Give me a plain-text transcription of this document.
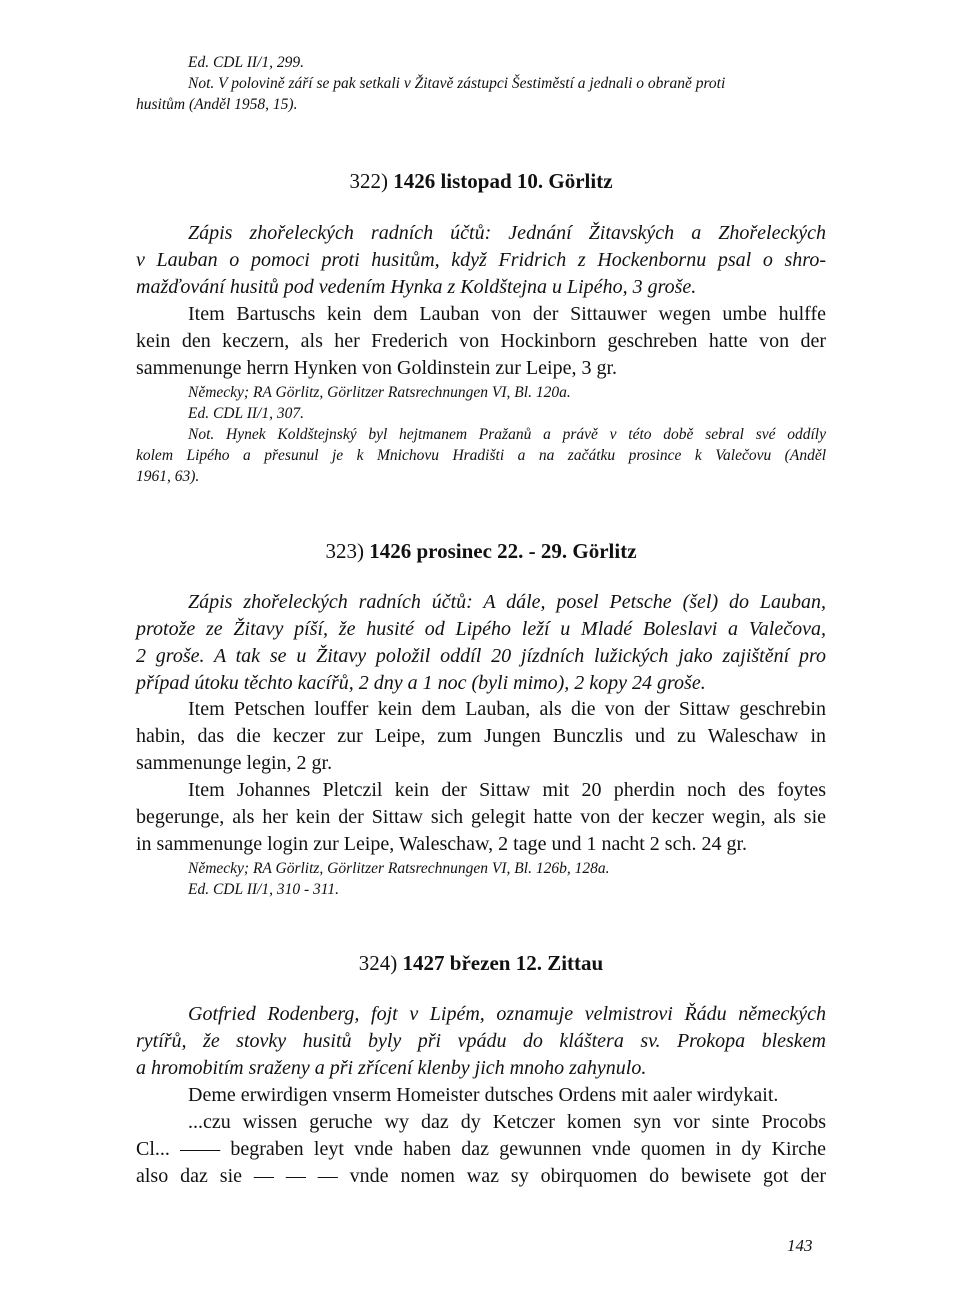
Ed. CDL II/1, 299.

Not. V polovině září se pak setkali v Žitavě zástupci Šestiměstí a jednali o obraně proti

husitům (Anděl 1958, 15).

322) 1426 listopad 10. Görlitz

Zápis zhořeleckých radních účtů: Jednání Žitavských a Zhořeleckých

v Lauban o pomoci proti husitům, když Fridrich z Hockenbornu psal o shro-

mažďování husitů pod vedením Hynka z Koldštejna u Lipého, 3 groše.

Item Bartuschs kein dem Lauban von der Sittauwer wegen umbe hulffe

kein den keczern, als her Frederich von Hockinborn geschreben hatte von der

sammenunge herrn Hynken von Goldinstein zur Leipe, 3 gr.

Německy; RA Görlitz, Görlitzer Ratsrechnungen VI, Bl. 120a.

Ed. CDL II/1, 307.

Not. Hynek Koldštejnský byl hejtmanem Pražanů a právě v této době sebral své oddíly

kolem Lipého a přesunul je k Mnichovu Hradišti a na začátku prosince k Valečovu (Anděl

1961, 63).

323) 1426 prosinec 22. - 29. Görlitz

Zápis zhořeleckých radních účtů: A dále, posel Petsche (šel) do Lauban,

protože ze Žitavy píší, že husité od Lipého leží u Mladé Boleslavi a Valečova,

2 groše. A tak se u Žitavy položil oddíl 20 jízdních lužických jako zajištění pro

případ útoku těchto kacířů, 2 dny a 1 noc (byli mimo), 2 kopy 24 groše.

Item Petschen louffer kein dem Lauban, als die von der Sittaw geschrebin

habin, das die keczer zur Leipe, zum Jungen Bunczlis und zu Waleschaw in

sammenunge legin, 2 gr.

Item Johannes Pletczil kein der Sittaw mit 20 pherdin noch des foytes

begerunge, als her kein der Sittaw sich gelegit hatte von der keczer wegin, als sie

in sammenunge login zur Leipe, Waleschaw, 2 tage und 1 nacht 2 sch. 24 gr.

Německy; RA Görlitz, Görlitzer Ratsrechnungen VI, Bl. 126b, 128a.

Ed. CDL II/1, 310 - 311.

324) 1427 březen 12. Zittau

Gotfried Rodenberg, fojt v Lipém, oznamuje velmistrovi Řádu německých

rytířů, že stovky husitů byly při vpádu do kláštera sv. Prokopa bleskem

a hromobitím sraženy a při zřícení klenby jich mnoho zahynulo.

Deme erwirdigen vnserm Homeister dutsches Ordens mit aaler wirdykait.

...czu wissen geruche wy daz dy Ketczer komen syn vor sinte Procobs

Cl... —— begraben leyt vnde haben daz gewunnen vnde quomen in dy Kirche

also daz sie — — — vnde nomen waz sy obirquomen do bewisete got der

143
